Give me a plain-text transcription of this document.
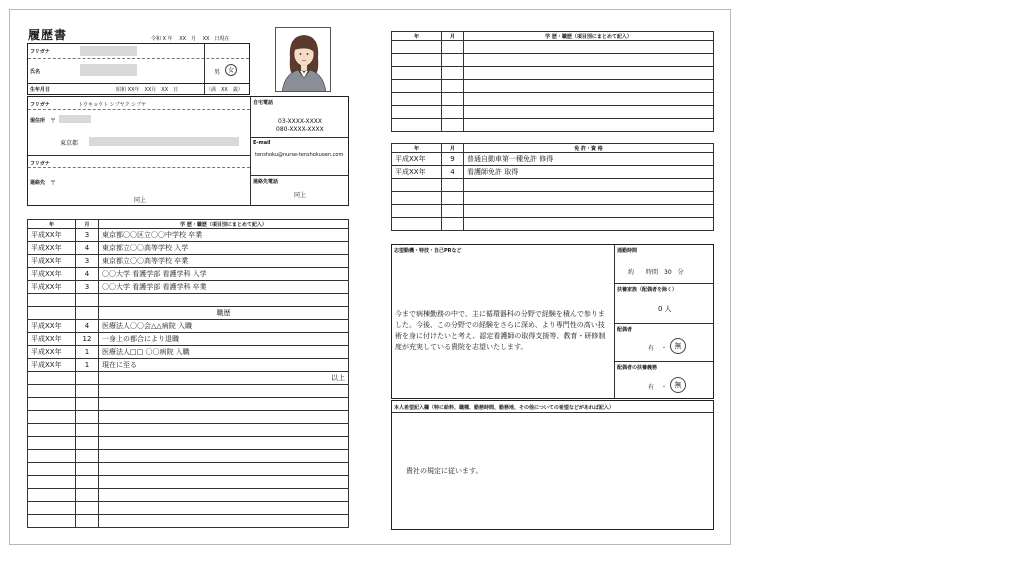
履歴書	令和 X 年　 XX　月　 XX　日現在
フリガナ
氏名	男	女
生年月日	昭和 XX年　XX月　XX　日	（満　XX　歳）
フリガナ	トウキョウト シブヤク シブヤ
現住所 〒
東京都
フリガナ
連絡先 〒
同上
自宅電話
03-XXXX-XXXX
080-XXXX-XXXX
E-mail
tenshoku@nurse-tenshokuoen.com
連絡先電話
同上
年	月	学 歴・職歴（項目別にまとめて記入）
平成XX年	3	東京都〇〇区立〇〇中学校 卒業
平成XX年	4	東京都立〇〇高等学校 入学
平成XX年	3	東京都立〇〇高等学校 卒業
平成XX年	4	〇〇大学 看護学部 看護学科 入学
平成XX年	3	〇〇大学 看護学部 看護学科 卒業

		職歴
平成XX年	4	医療法人〇〇会△△病院 入職
平成XX年	12	一身上の都合により退職
平成XX年	1	医療法人□□ 〇〇病院 入職
平成XX年	1	現在に至る
		以上

年	月	学 歴・職歴（項目別にまとめて記入）

年	月	免 許・資 格
平成XX年	9	普通自動車第一種免許 修得
平成XX年	4	看護師免許 取得

志望動機・特技・自己PRなど
今まで病棟勤務の中で、主に循環器科の分野で経験を積んで参りました。今後、この分野での経験をさらに深め、より専門性の高い技術を身に付けたいと考え、認定看護師の取得支援等、教育・研修制度が充実している貴院を志望いたします。
通勤時間
約　　時間　30　分
扶養家族（配偶者を除く）
0 人
配偶者
有 ・	無
配偶者の扶養義務
有 ・	無
本人希望記入欄（特に給料、職種、勤務時間、勤務地、その他についての希望などがあれば記入）
貴社の規定に従います。
